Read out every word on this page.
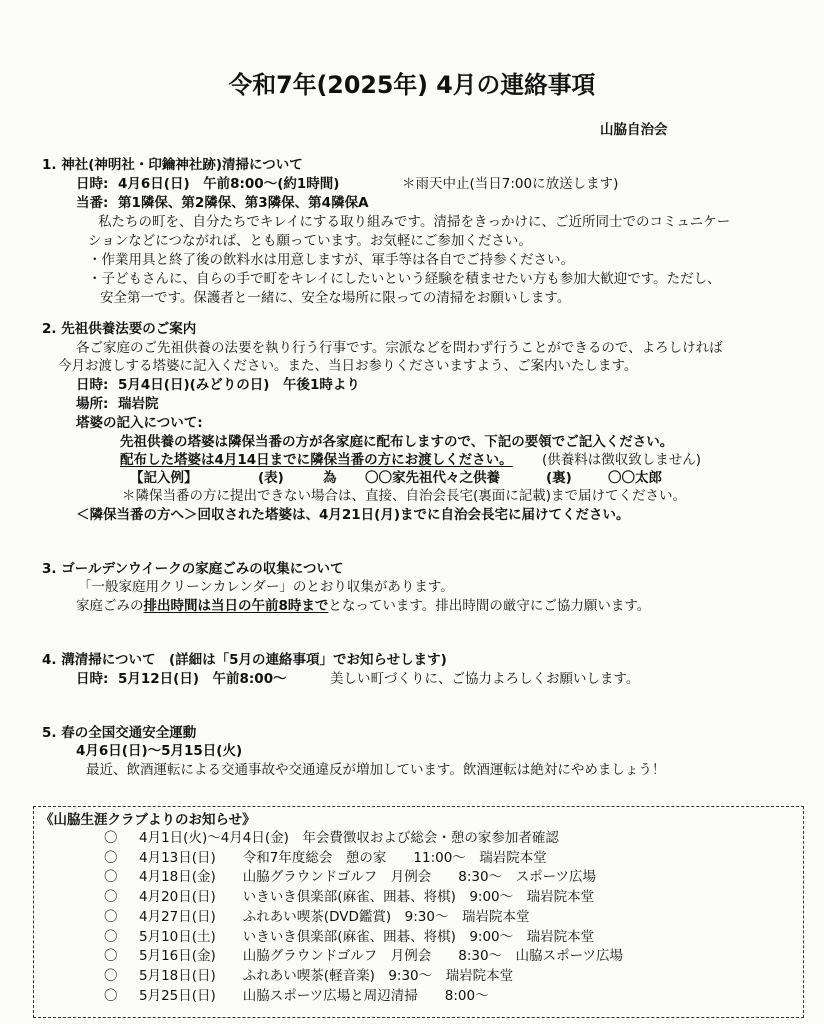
令和7年(2025年) 4月の連絡事項
山脇自治会
1. 神社(神明社・印鑰神社跡)清掃について
日時: 4月6日(日)　午前8:00～(約1時間)	＊雨天中止(当日7:00に放送します)
当番: 第1隣保、第2隣保、第3隣保、第4隣保A
私たちの町を、自分たちでキレイにする取り組みです。清掃をきっかけに、ご近所同士でのコミュニケー
ションなどにつながれば、とも願っています。お気軽にご参加ください。
・作業用具と終了後の飲料水は用意しますが、軍手等は各自でご持参ください。
・子どもさんに、自らの手で町をキレイにしたいという経験を積ませたい方も参加大歓迎です。ただし、
安全第一です。保護者と一緒に、安全な場所に限っての清掃をお願いします。
2. 先祖供養法要のご案内
各ご家庭のご先祖供養の法要を執り行う行事です。宗派などを問わず行うことができるので、よろしければ
今月お渡しする塔婆に記入ください。また、当日お参りくださいますよう、ご案内いたします。
日時: 5月4日(日)(みどりの日)　午後1時より
場所: 瑞岩院
塔婆の記入について:
先祖供養の塔婆は隣保当番の方が各家庭に配布しますので、下記の要領でご記入ください。
配布した塔婆は4月14日までに隣保当番の方にお渡しください。 (供養料は徴収致しません)
【記入例】	(表)	為 〇〇家先祖代々之供養	(裏)	〇〇太郎
＊隣保当番の方に提出できない場合は、直接、自治会長宅(裏面に記載)まで届けてください。
＜隣保当番の方へ＞回収された塔婆は、4月21日(月)までに自治会長宅に届けてください。
3. ゴールデンウイークの家庭ごみの収集について
「一般家庭用クリーンカレンダー」のとおり収集があります。
家庭ごみの排出時間は当日の午前8時までとなっています。排出時間の厳守にご協力願います。
4. 溝清掃について　(詳細は「5月の連絡事項」でお知らせします)
日時: 5月12日(日)　午前8:00～	美しい町づくりに、ご協力よろしくお願いします。
5. 春の全国交通安全運動
4月6日(日)～5月15日(火)
最近、飲酒運転による交通事故や交通違反が増加しています。飲酒運転は絶対にやめましょう！
《山脇生涯クラブよりのお知らせ》
〇 4月1日(火)～4月4日(金)　年会費徴収および総会・憩の家参加者確認
〇 4月13日(日)　　令和7年度総会　憩の家　　11:00～　瑞岩院本堂
〇 4月18日(金)　　山脇グラウンドゴルフ　月例会　　8:30～　スポーツ広場
〇 4月20日(日)　　いきいき倶楽部(麻雀、囲碁、将棋)　9:00～　瑞岩院本堂
〇 4月27日(日)　　ふれあい喫茶(DVD鑑賞)　9:30～　瑞岩院本堂
〇 5月10日(土)　　いきいき倶楽部(麻雀、囲碁、将棋)　9:00～　瑞岩院本堂
〇 5月16日(金)　　山脇グラウンドゴルフ　月例会　　8:30～　山脇スポーツ広場
〇 5月18日(日)　　ふれあい喫茶(軽音楽)　9:30～　瑞岩院本堂
〇 5月25日(日)　　山脇スポーツ広場と周辺清掃　　8:00～
